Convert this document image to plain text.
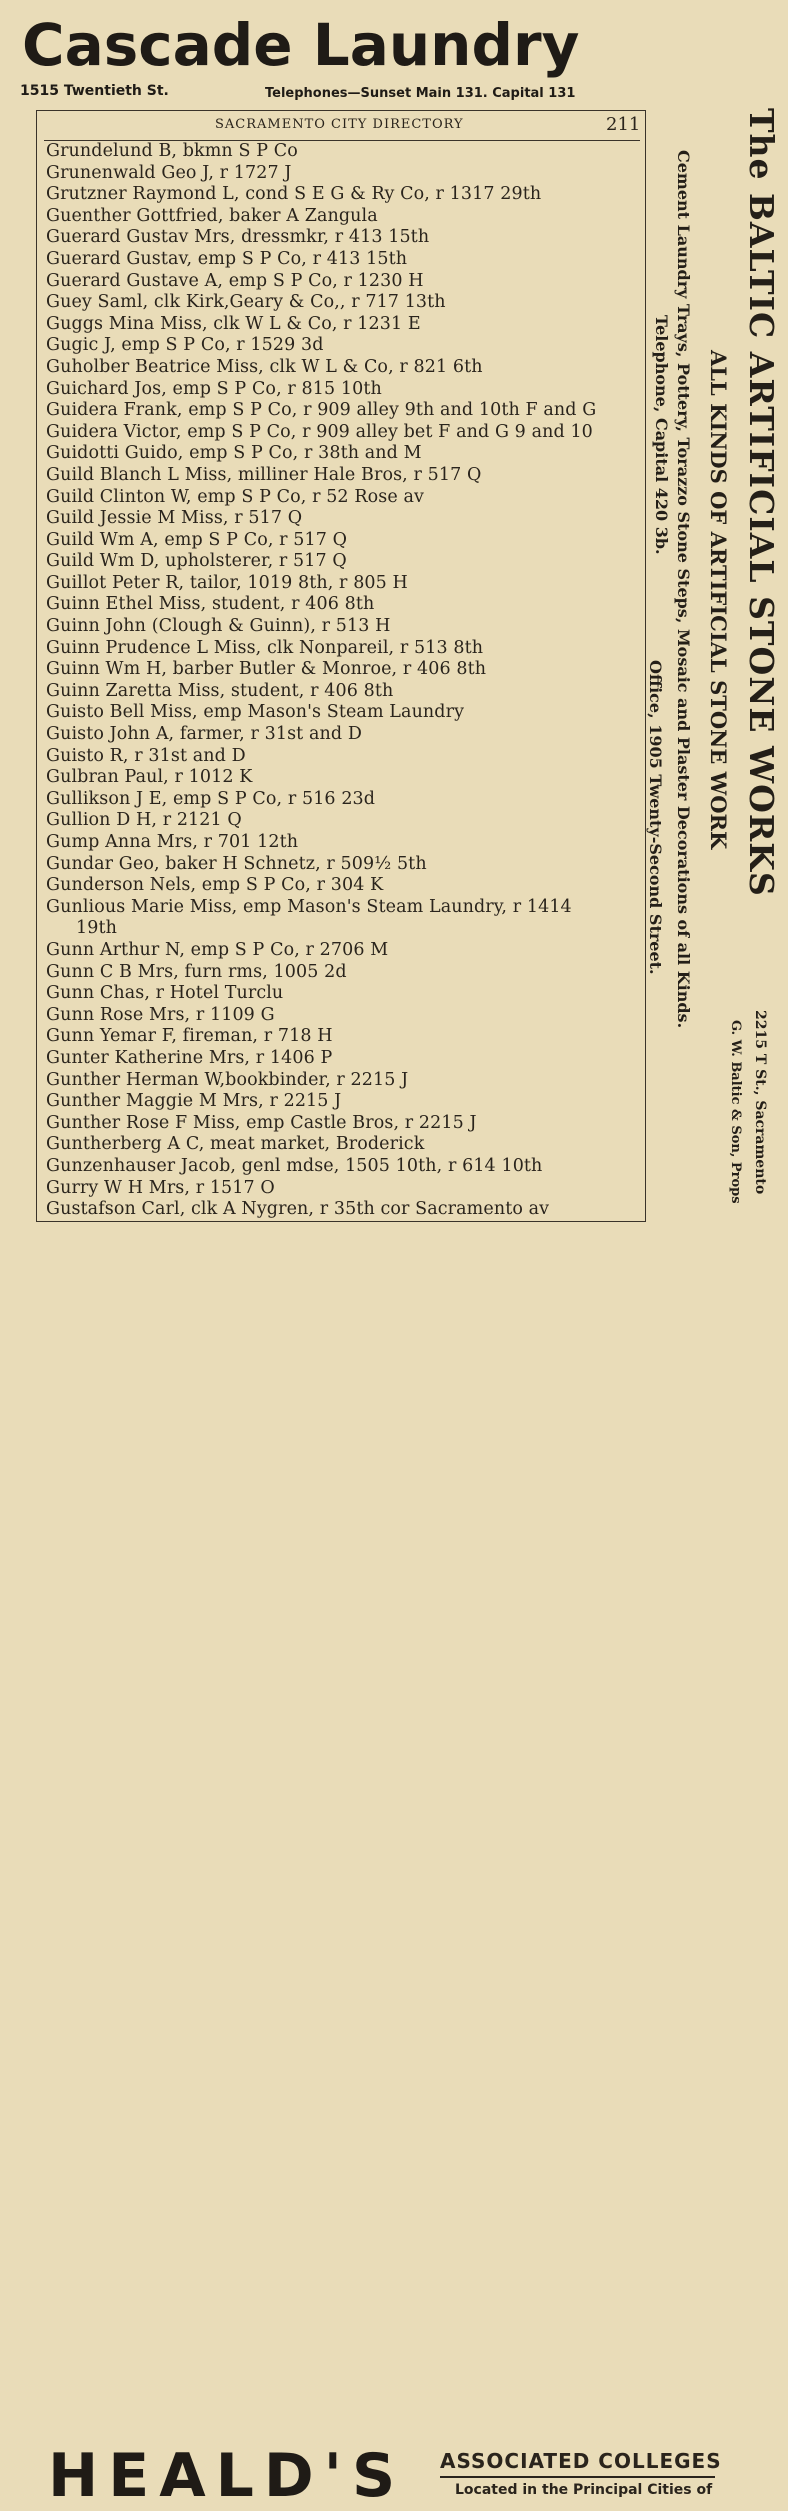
Cascade Laundry
1515 Twentieth St.	Telephones—Sunset Main 131. Capital 131
SACRAMENTO CITY DIRECTORY	211
Grundelund B, bkmn S P Co
Grunenwald Geo J, r 1727 J
Grutzner Raymond L, cond S E G & Ry Co, r 1317 29th
Guenther Gottfried, baker A Zangula
Guerard Gustav Mrs, dressmkr, r 413 15th
Guerard Gustav, emp S P Co, r 413 15th
Guerard Gustave A, emp S P Co, r 1230 H
Guey Saml, clk Kirk,Geary & Co,, r 717 13th
Guggs Mina Miss, clk W L & Co, r 1231 E
Gugic J, emp S P Co, r 1529 3d
Guholber Beatrice Miss, clk W L & Co, r 821 6th
Guichard Jos, emp S P Co, r 815 10th
Guidera Frank, emp S P Co, r 909 alley 9th and 10th F and G
Guidera Victor, emp S P Co, r 909 alley bet F and G 9 and 10
Guidotti Guido, emp S P Co, r 38th and M
Guild Blanch L Miss, milliner Hale Bros, r 517 Q
Guild Clinton W, emp S P Co, r 52 Rose av
Guild Jessie M Miss, r 517 Q
Guild Wm A, emp S P Co, r 517 Q
Guild Wm D, upholsterer, r 517 Q
Guillot Peter R, tailor, 1019 8th, r 805 H
Guinn Ethel Miss, student, r 406 8th
Guinn John (Clough & Guinn), r 513 H
Guinn Prudence L Miss, clk Nonpareil, r 513 8th
Guinn Wm H, barber Butler & Monroe, r 406 8th
Guinn Zaretta Miss, student, r 406 8th
Guisto Bell Miss, emp Mason's Steam Laundry
Guisto John A, farmer, r 31st and D
Guisto R, r 31st and D
Gulbran Paul, r 1012 K
Gullikson J E, emp S P Co, r 516 23d
Gullion D H, r 2121 Q
Gump Anna Mrs, r 701 12th
Gundar Geo, baker H Schnetz, r 509½ 5th
Gunderson Nels, emp S P Co, r 304 K
Gunlious Marie Miss, emp Mason's Steam Laundry, r 1414
19th
Gunn Arthur N, emp S P Co, r 2706 M
Gunn C B Mrs, furn rms, 1005 2d
Gunn Chas, r Hotel Turclu
Gunn Rose Mrs, r 1109 G
Gunn Yemar F, fireman, r 718 H
Gunter Katherine Mrs, r 1406 P
Gunther Herman W,bookbinder, r 2215 J
Gunther Maggie M Mrs, r 2215 J
Gunther Rose F Miss, emp Castle Bros, r 2215 J
Guntherberg A C, meat market, Broderick
Gunzenhauser Jacob, genl mdse, 1505 10th, r 614 10th
Gurry W H Mrs, r 1517 O
Gustafson Carl, clk A Nygren, r 35th cor Sacramento av
The BALTIC ARTIFICIAL STONE WORKS
ALL KINDS OF ARTIFICIAL STONE WORK
Cement Laundry Trays, Pottery, Torazzo Stone Steps, Mosaic and Plaster Decorations of all Kinds.
Telephone, Capital 420 3b.
Office, 1905 Twenty-Second Street.
2215 T St., Sacramento
G. W. Baltic & Son, Props
HEALD'S ASSOCIATED COLLEGES
Located in the Principal Cities of
